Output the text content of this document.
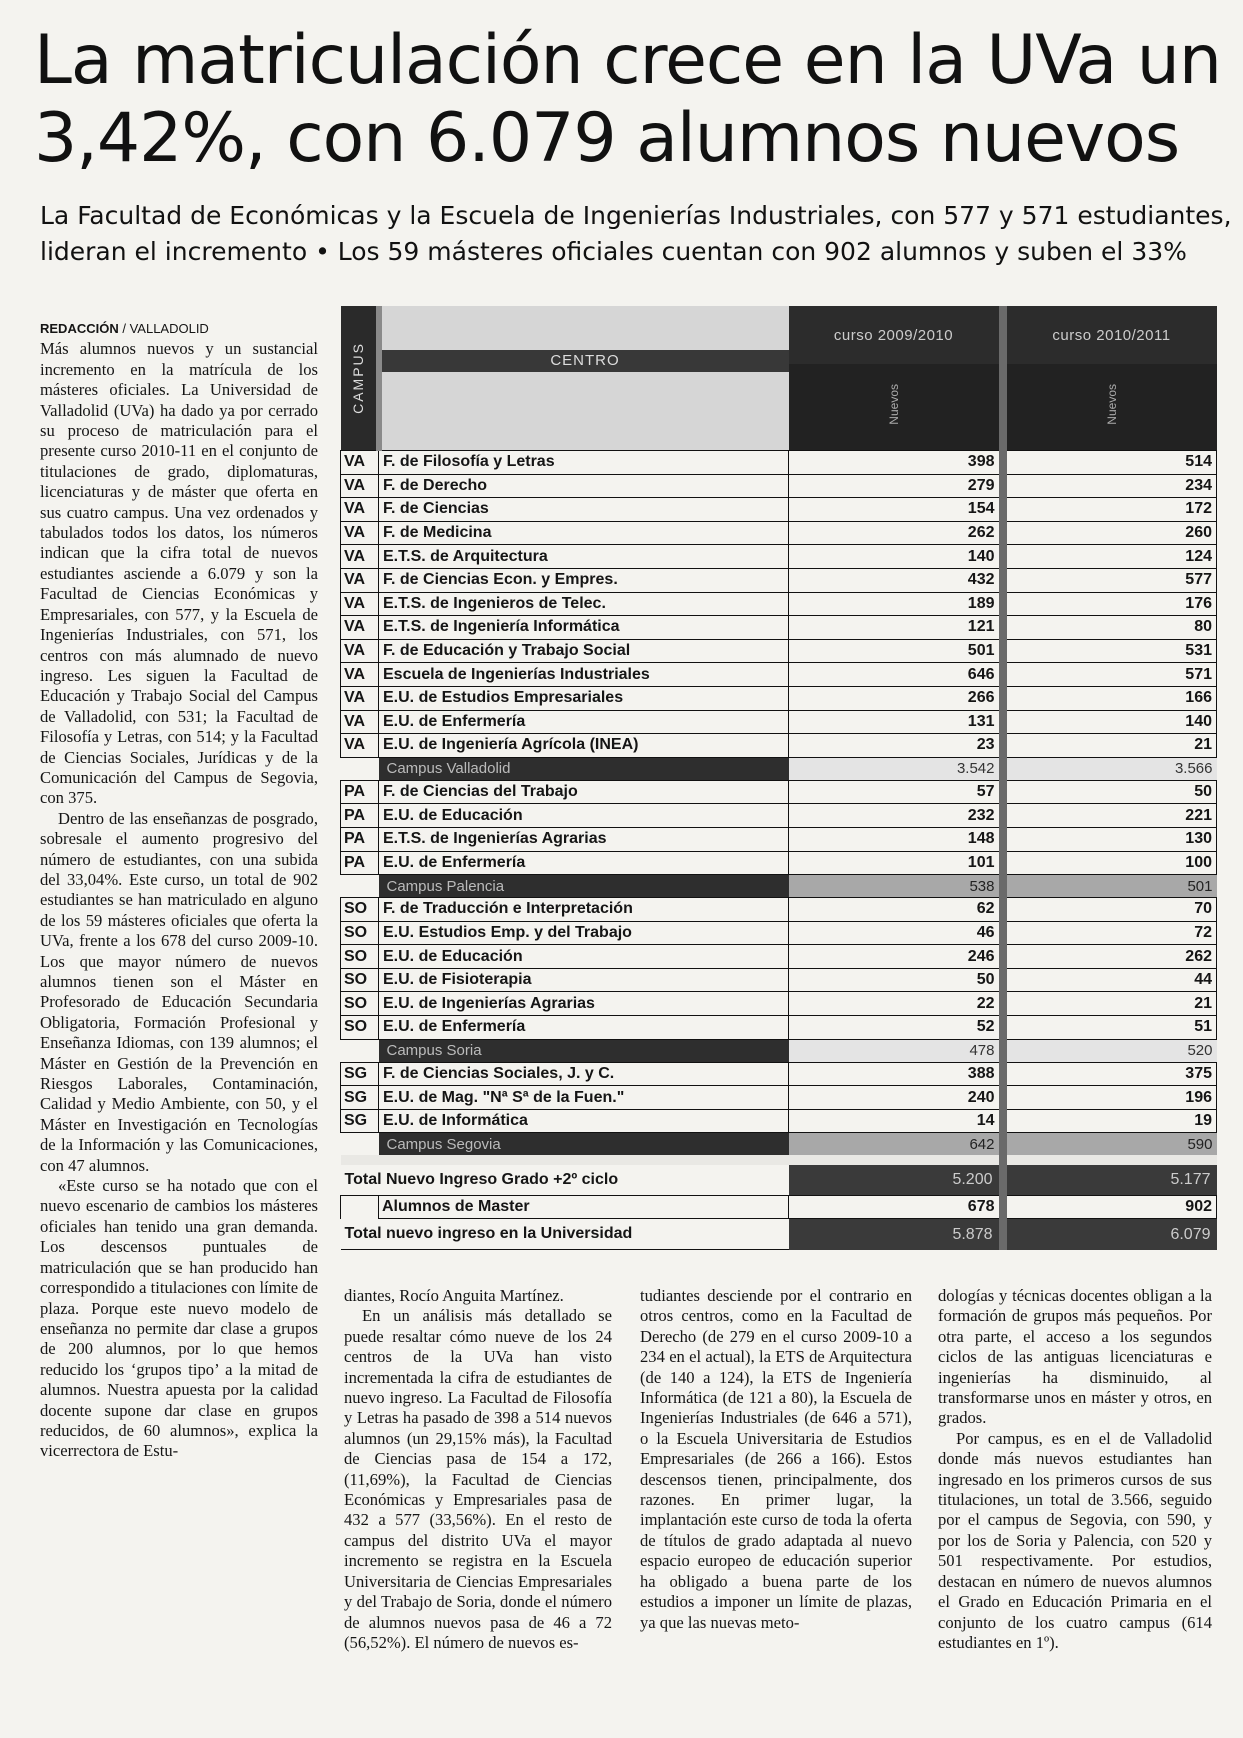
La matriculación crece en la UVa un
3,42%, con 6.079 alumnos nuevos
La Facultad de Económicas y la Escuela de Ingenierías Industriales, con 577 y 571 estudiantes,
lideran el incremento • Los 59 másteres oficiales cuentan con 902 alumnos y suben el 33%

REDACCIÓN / VALLADOLID
Más alumnos nuevos y un sustancial incremento en la matrícula de los másteres oficiales. La Universidad de Valladolid (UVa) ha dado ya por cerrado su proceso de matriculación para el presente curso 2010-11 en el conjunto de titulaciones de grado, diplomaturas, licenciaturas y de máster que oferta en sus cuatro campus. Una vez ordenados y tabulados todos los datos, los números indican que la cifra total de nuevos estudiantes asciende a 6.079 y son la Facultad de Ciencias Económicas y Empresariales, con 577, y la Escuela de Ingenierías Industriales, con 571, los centros con más alumnado de nuevo ingreso. Les siguen la Facultad de Educación y Trabajo Social del Campus de Valladolid, con 531; la Facultad de Filosofía y Letras, con 514; y la Facultad de Ciencias Sociales, Jurídicas y de la Comunicación del Campus de Segovia, con 375.

Dentro de las enseñanzas de posgrado, sobresale el aumento progresivo del número de estudiantes, con una subida del 33,04%. Este curso, un total de 902 estudiantes se han matriculado en alguno de los 59 másteres oficiales que oferta la UVa, frente a los 678 del curso 2009-10. Los que mayor número de nuevos alumnos tienen son el Máster en Profesorado de Educación Secundaria Obligatoria, Formación Profesional y Enseñanza Idiomas, con 139 alumnos; el Máster en Gestión de la Prevención en Riesgos Laborales, Contaminación, Calidad y Medio Ambiente, con 50, y el Máster en Investigación en Tecnologías de la Información y las Comunicaciones, con 47 alumnos.

«Este curso se ha notado que con el nuevo escenario de cambios los másteres oficiales han tenido una gran demanda. Los descensos puntuales de matriculación que se han producido han correspondido a titulaciones con límite de plaza. Porque este nuevo modelo de enseñanza no permite dar clase a grupos de 200 alumnos, por lo que hemos reducido los ‘grupos tipo’ a la mitad de alumnos. Nuestra apuesta por la calidad docente supone dar clase en grupos reducidos, de 60 alumnos», explica la vicerrectora de Estu-

CAMPUS	CENTRO	curso 2009/2010	curso 2010/2011
		Nuevos	Nuevos
VA	F. de Filosofía y Letras	398	514
VA	F. de Derecho	279	234
VA	F. de Ciencias	154	172
VA	F. de Medicina	262	260
VA	E.T.S. de Arquitectura	140	124
VA	F. de Ciencias Econ. y Empres.	432	577
VA	E.T.S. de Ingenieros de Telec.	189	176
VA	E.T.S. de Ingeniería Informática	121	80
VA	F. de Educación y Trabajo Social	501	531
VA	Escuela de Ingenierías Industriales	646	571
VA	E.U. de Estudios Empresariales	266	166
VA	E.U. de Enfermería	131	140
VA	E.U. de Ingeniería Agrícola (INEA)	23	21
	Campus Valladolid	3.542	3.566
PA	F. de Ciencias del Trabajo	57	50
PA	E.U. de Educación	232	221
PA	E.T.S. de Ingenierías Agrarias	148	130
PA	E.U. de Enfermería	101	100
	Campus Palencia	538	501
SO	F. de Traducción e Interpretación	62	70
SO	E.U. Estudios Emp. y del Trabajo	46	72
SO	E.U. de Educación	246	262
SO	E.U. de Fisioterapia	50	44
SO	E.U. de Ingenierías Agrarias	22	21
SO	E.U. de Enfermería	52	51
	Campus Soria	478	520
SG	F. de Ciencias Sociales, J. y C.	388	375
SG	E.U. de Mag. "Nª Sª de la Fuen."	240	196
SG	E.U. de Informática	14	19
	Campus Segovia	642	590

Total Nuevo Ingreso Grado +2º ciclo		5.200	5.177
	Alumnos de Master	678	902
Total nuevo ingreso en la Universidad		5.878	6.079

diantes, Rocío Anguita Martínez.

En un análisis más detallado se puede resaltar cómo nueve de los 24 centros de la UVa han visto incrementada la cifra de estudiantes de nuevo ingreso. La Facultad de Filosofía y Letras ha pasado de 398 a 514 nuevos alumnos (un 29,15% más), la Facultad de Ciencias pasa de 154 a 172, (11,69%), la Facultad de Ciencias Económicas y Empresariales pasa de 432 a 577 (33,56%). En el resto de campus del distrito UVa el mayor incremento se registra en la Escuela Universitaria de Ciencias Empresariales y del Trabajo de Soria, donde el número de alumnos nuevos pasa de 46 a 72 (56,52%). El número de nuevos es-

tudiantes desciende por el contrario en otros centros, como en la Facultad de Derecho (de 279 en el curso 2009-10 a 234 en el actual), la ETS de Arquitectura (de 140 a 124), la ETS de Ingeniería Informática (de 121 a 80), la Escuela de Ingenierías Industriales (de 646 a 571), o la Escuela Universitaria de Estudios Empresariales (de 266 a 166). Estos descensos tienen, principalmente, dos razones. En primer lugar, la implantación este curso de toda la oferta de títulos de grado adaptada al nuevo espacio europeo de educación superior ha obligado a buena parte de los estudios a imponer un límite de plazas, ya que las nuevas meto-

dologías y técnicas docentes obligan a la formación de grupos más pequeños. Por otra parte, el acceso a los segundos ciclos de las antiguas licenciaturas e ingenierías ha disminuido, al transformarse unos en máster y otros, en grados.

Por campus, es en el de Valladolid donde más nuevos estudiantes han ingresado en los primeros cursos de sus titulaciones, un total de 3.566, seguido por el campus de Segovia, con 590, y por los de Soria y Palencia, con 520 y 501 respectivamente. Por estudios, destacan en número de nuevos alumnos el Grado en Educación Primaria en el conjunto de los cuatro campus (614 estudiantes en 1º).
